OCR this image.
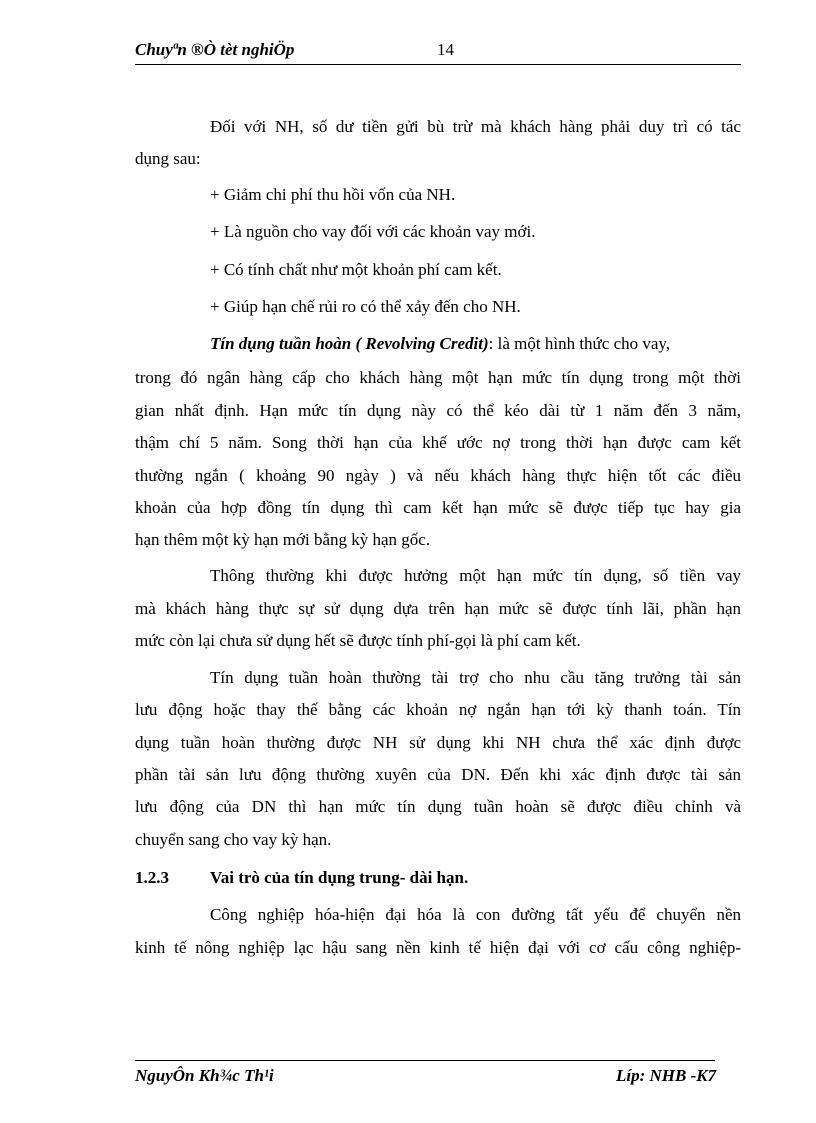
Chuyªn ®Ò tèt nghiÖp	14
Đối với NH, số dư tiền gửi bù trừ mà khách hàng phải duy trì có tác
dụng sau:
+ Giảm chi phí thu hồi vốn của NH.
+ Là nguồn cho vay đối với các khoản vay mới.
+ Có tính chất như một khoản phí cam kết.
+ Giúp hạn chế rủi ro có thể xảy đến cho NH.
Tín dụng tuần hoàn ( Revolving Credit): là một hình thức cho vay,
trong đó ngân hàng cấp cho khách hàng một hạn mức tín dụng trong một thời
gian nhất định. Hạn mức tín dụng này có thể kéo dài từ 1 năm đến 3 năm,
thậm chí 5 năm. Song thời hạn của khế ước nợ trong thời hạn được cam kết
thường ngắn ( khoảng 90 ngày ) và nếu khách hàng thực hiện tốt các điều
khoản của hợp đồng tín dụng thì cam kết hạn mức sẽ được tiếp tục hay gia
hạn thêm một kỳ hạn mới bằng kỳ hạn gốc.
Thông thường khi được hưởng một hạn mức tín dụng, số tiền vay
mà khách hàng thực sự sử dụng dựa trên hạn mức sẽ được tính lãi, phần hạn
mức còn lại chưa sử dụng hết sẽ được tính phí-gọi là phí cam kết.
Tín dụng tuần hoàn thường tài trợ cho nhu cầu tăng trưởng tài sản
lưu động hoặc thay thế bằng các khoản nợ ngắn hạn tới kỳ thanh toán. Tín
dụng tuần hoàn thường được NH sử dụng khi NH chưa thể xác định được
phần tài sản lưu động thường xuyên của DN. Đến khi xác định được tài sản
lưu động của DN thì hạn mức tín dụng tuần hoàn sẽ được điều chỉnh và
chuyển sang cho vay kỳ hạn.
1.2.3 Vai trò của tín dụng trung- dài hạn.
Công nghiệp hóa-hiện đại hóa là con đường tất yếu để chuyển nền
kinh tế nông nghiệp lạc hậu sang nền kinh tế hiện đại với cơ cấu công nghiệp-
NguyÔn Kh¾c Th¹i	Líp: NHB -K7
